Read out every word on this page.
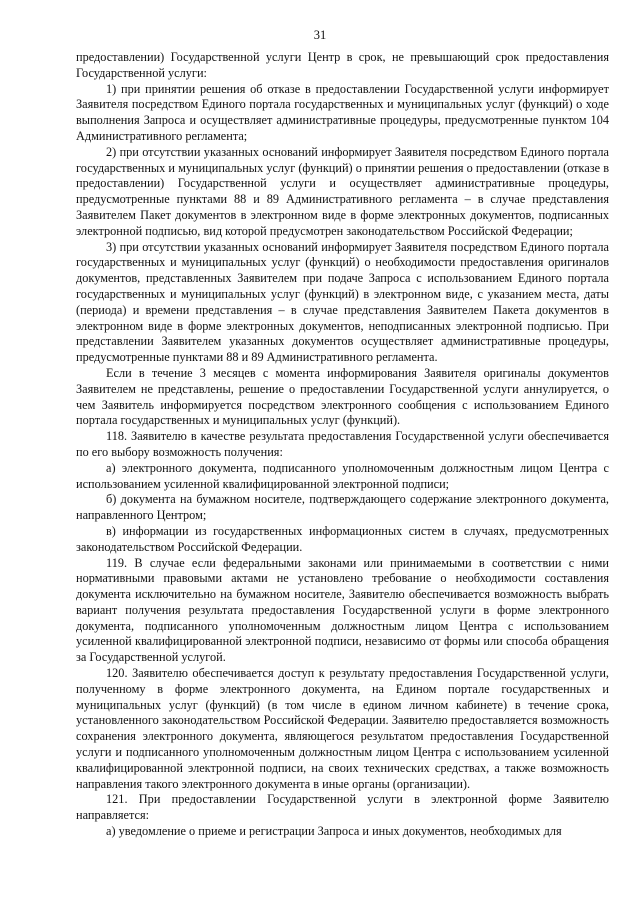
31

предоставлении) Государственной услуги Центр в срок, не превышающий срок предоставления Государственной услуги:

1) при принятии решения об отказе в предоставлении Государственной услуги информирует Заявителя посредством Единого портала государственных и муниципальных услуг (функций) о ходе выполнения Запроса и осуществляет административные процедуры, предусмотренные пунктом 104 Административного регламента;

2) при отсутствии указанных оснований информирует Заявителя посредством Единого портала государственных и муниципальных услуг (функций) о принятии решения о предоставлении (отказе в предоставлении) Государственной услуги и осуществляет административные процедуры, предусмотренные пунктами 88 и 89 Административного регламента – в случае представления Заявителем Пакет документов в электронном виде в форме электронных документов, подписанных электронной подписью, вид которой предусмотрен законодательством Российской Федерации;

3) при отсутствии указанных оснований информирует Заявителя посредством Единого портала государственных и муниципальных услуг (функций) о необходимости предоставления оригиналов документов, представленных Заявителем при подаче Запроса с использованием Единого портала государственных и муниципальных услуг (функций) в электронном виде, с указанием места, даты (периода) и времени представления – в случае представления Заявителем Пакета документов в электронном виде в форме электронных документов, неподписанных электронной подписью. При представлении Заявителем указанных документов осуществляет административные процедуры, предусмотренные пунктами 88 и 89 Административного регламента.

Если в течение 3 месяцев с момента информирования Заявителя оригиналы документов Заявителем не представлены, решение о предоставлении Государственной услуги аннулируется, о чем Заявитель информируется посредством электронного сообщения с использованием Единого портала государственных и муниципальных услуг (функций).

118. Заявителю в качестве результата предоставления Государственной услуги обеспечивается по его выбору возможность получения:

а) электронного документа, подписанного уполномоченным должностным лицом Центра с использованием усиленной квалифицированной электронной подписи;

б) документа на бумажном носителе, подтверждающего содержание электронного документа, направленного Центром;

в) информации из государственных информационных систем в случаях, предусмотренных законодательством Российской Федерации.

119. В случае если федеральными законами или принимаемыми в соответствии с ними нормативными правовыми актами не установлено требование о необходимости составления документа исключительно на бумажном носителе, Заявителю обеспечивается возможность выбрать вариант получения результата предоставления Государственной услуги в форме электронного документа, подписанного уполномоченным должностным лицом Центра с использованием усиленной квалифицированной электронной подписи, независимо от формы или способа обращения за Государственной услугой.

120. Заявителю обеспечивается доступ к результату предоставления Государственной услуги, полученному в форме электронного документа, на Едином портале государственных и муниципальных услуг (функций) (в том числе в едином личном кабинете) в течение срока, установленного законодательством Российской Федерации. Заявителю предоставляется возможность сохранения электронного документа, являющегося результатом предоставления Государственной услуги и подписанного уполномоченным должностным лицом Центра с использованием усиленной квалифицированной электронной подписи, на своих технических средствах, а также возможность направления такого электронного документа в иные органы (организации).

121. При предоставлении Государственной услуги в электронной форме Заявителю направляется:

а) уведомление о приеме и регистрации Запроса и иных документов, необходимых для
